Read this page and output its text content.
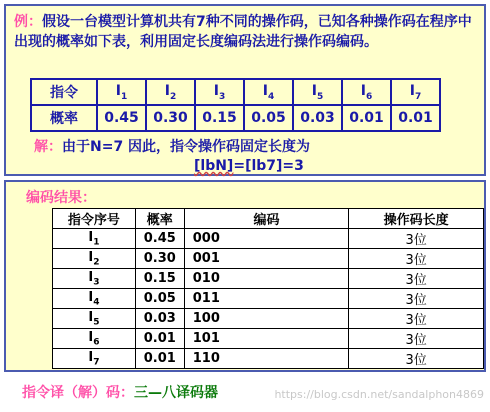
例：假设一台模型计算机共有7种不同的操作码，已知各种操作码在程序中出现的概率如下表，利用固定长度编码法进行操作码编码。
指令	$I_1$	$I_2$	$I_3$	$I_4$	$I_5$	$I_6$	$I_7$
概率	0.45	0.30	0.15	0.05	0.03	0.01	0.01
解：由于N=7 因此，指令操作码固定长度为
[lbN]=[lb7]=3
编码结果：
指令序号	概率	编码	操作码长度
$I_1$	0.45	000	3位
$I_2$	0.30	001	3位
$I_3$	0.15	010	3位
$I_4$	0.05	011	3位
$I_5$	0.03	100	3位
$I_6$	0.01	101	3位
$I_7$	0.01	110	3位
指令译（解）码：三—八译码器	https://blog.csdn.net/sandalphon4869
